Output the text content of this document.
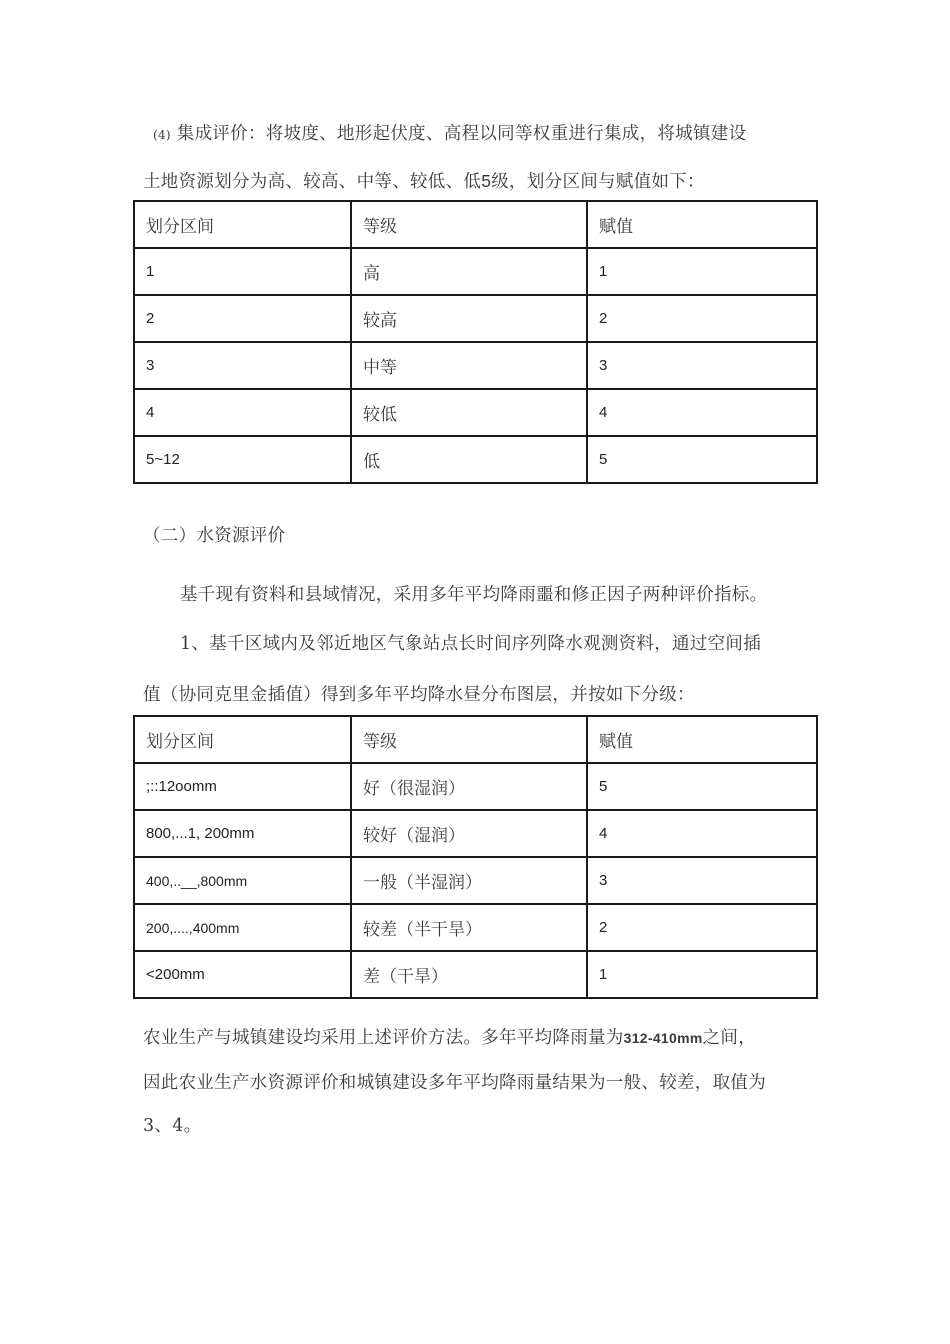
(4) 集成评价：将坡度、地形起伏度、高程以同等权重进行集成，将城镇建设
土地资源划分为高、较高、中等、较低、低5级，划分区间与赋值如下：
划分区间	等级	赋值
1	高	1
2	较高	2
3	中等	3
4	较低	4
5~12	低	5
（二）水资源评价
基千现有资料和县域情况，采用多年平均降雨噩和修正因子两种评价指标。
1、基千区域内及邻近地区气象站点长时间序列降水观测资料，通过空间插
值（协同克里金插值）得到多年平均降水昼分布图层，并按如下分级：
划分区间	等级	赋值
;::12oomm	好（很湿润）	5
800,...1, 200mm	较好（湿润）	4
400,..__,800mm	一般（半湿润）	3
200,....,400mm	较差（半干旱）	2
<200mm	差（干旱）	1
农业生产与城镇建设均采用上述评价方法。多年平均降雨量为312-410mm之间，
因此农业生产水资源评价和城镇建设多年平均降雨量结果为一般、较差，取值为
3、4。
